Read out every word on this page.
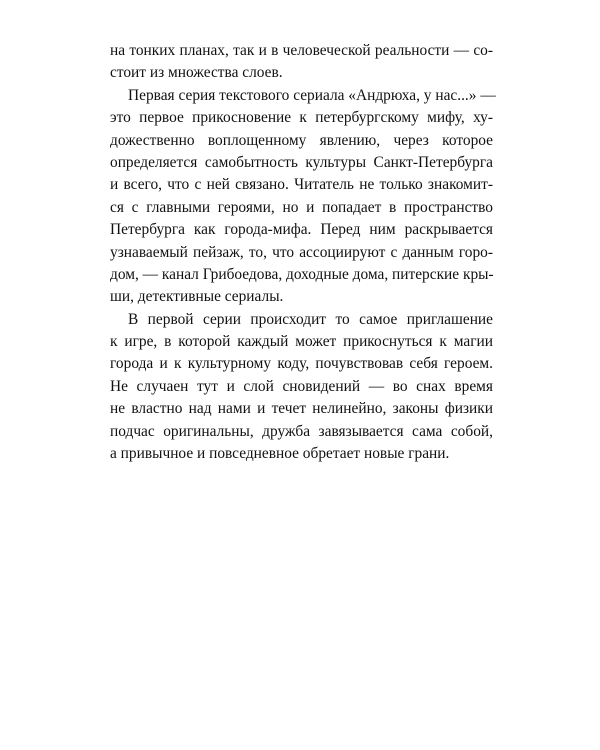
на тонких планах, так и в человеческой реальности — со-
стоит из множества слоев.
Первая серия текстового сериала «Андрюха, у нас...» —
это первое прикосновение к петербургскому мифу, ху-
дожественно воплощенному явлению, через которое
определяется самобытность культуры Санкт-Петербурга
и всего, что с ней связано. Читатель не только знакомит-
ся с главными героями, но и попадает в пространство
Петербурга как города-мифа. Перед ним раскрывается
узнаваемый пейзаж, то, что ассоциируют с данным горо-
дом, — канал Грибоедова, доходные дома, питерские кры-
ши, детективные сериалы.
В первой серии происходит то самое приглашение
к игре, в которой каждый может прикоснуться к магии
города и к культурному коду, почувствовав себя героем.
Не случаен тут и слой сновидений — во снах время
не властно над нами и течет нелинейно, законы физики
подчас оригинальны, дружба завязывается сама собой,
а привычное и повседневное обретает новые грани.
